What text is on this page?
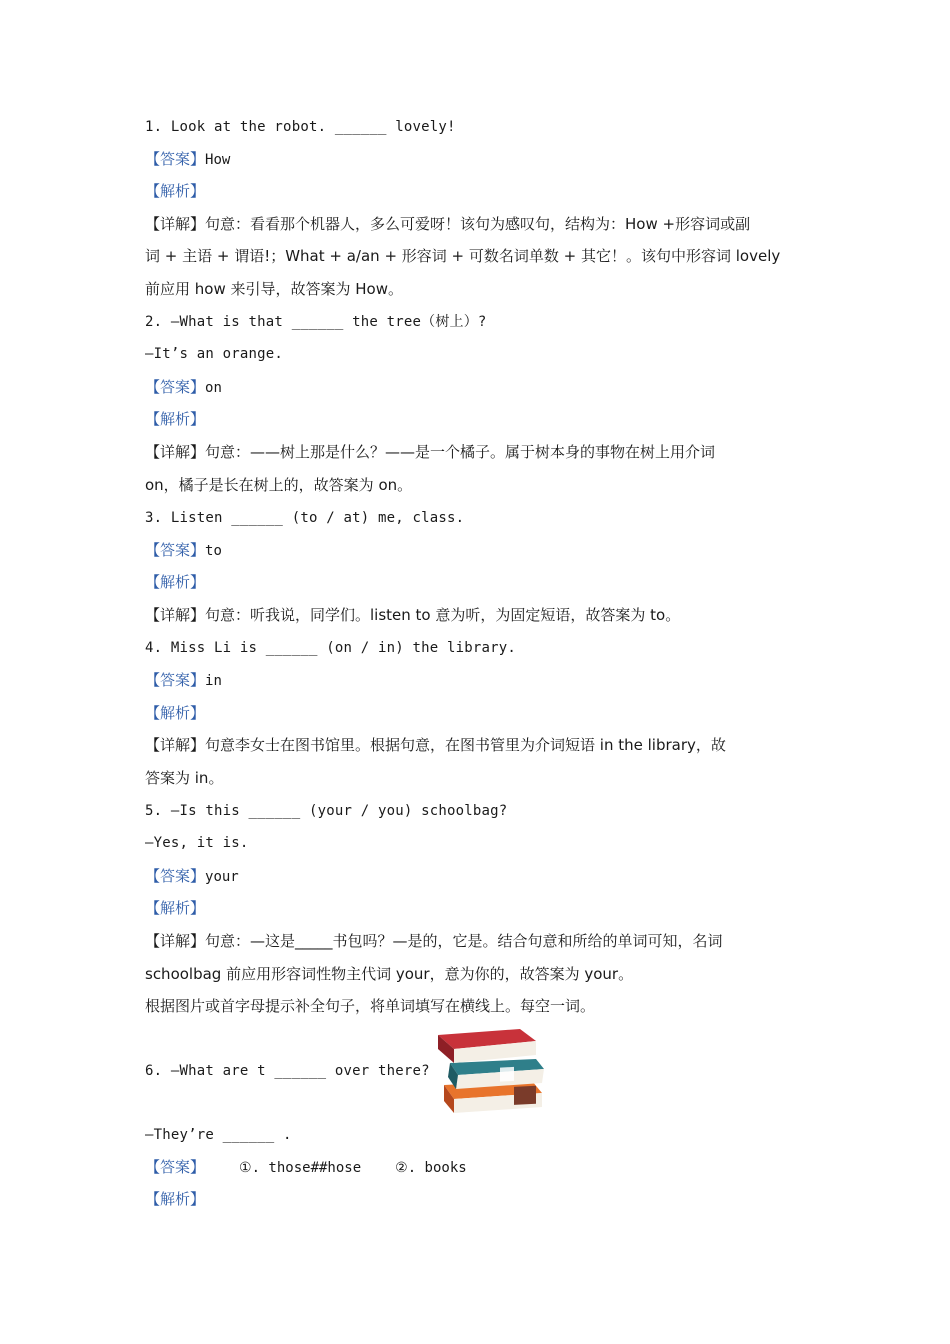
1. Look at the robot. ______ lovely!
【答案】How
【解析】
【详解】句意：看看那个机器人，多么可爱呀！该句为感叹句，结构为：How +形容词或副
词 + 主语 + 谓语!；What + a/an + 形容词 + 可数名词单数 + 其它！。该句中形容词 lovely
前应用 how 来引导，故答案为 How。
2. —What is that ______ the tree（树上）?
—It’s an orange.
【答案】on
【解析】
【详解】句意：——树上那是什么？——是一个橘子。属于树本身的事物在树上用介词
on，橘子是长在树上的，故答案为 on。
3. Listen ______ (to / at) me, class.
【答案】to
【解析】
【详解】句意：听我说，同学们。listen to 意为听，为固定短语，故答案为 to。
4. Miss Li is ______ (on / in) the library.
【答案】in
【解析】
【详解】句意李女士在图书馆里。根据句意，在图书管里为介词短语 in the library，故
答案为 in。
5. —Is this ______ (your / you) schoolbag?
—Yes, it is.
【答案】your
【解析】
【详解】句意：—这是_____书包吗？—是的，它是。结合句意和所给的单词可知，名词
schoolbag 前应用形容词性物主代词 your，意为你的，故答案为 your。
根据图片或首字母提示补全句子，将单词填写在横线上。每空一词。
6. —What are t ______ over there?
—They’re ______ .
【答案】 ①. those##hose ②. books
【解析】
